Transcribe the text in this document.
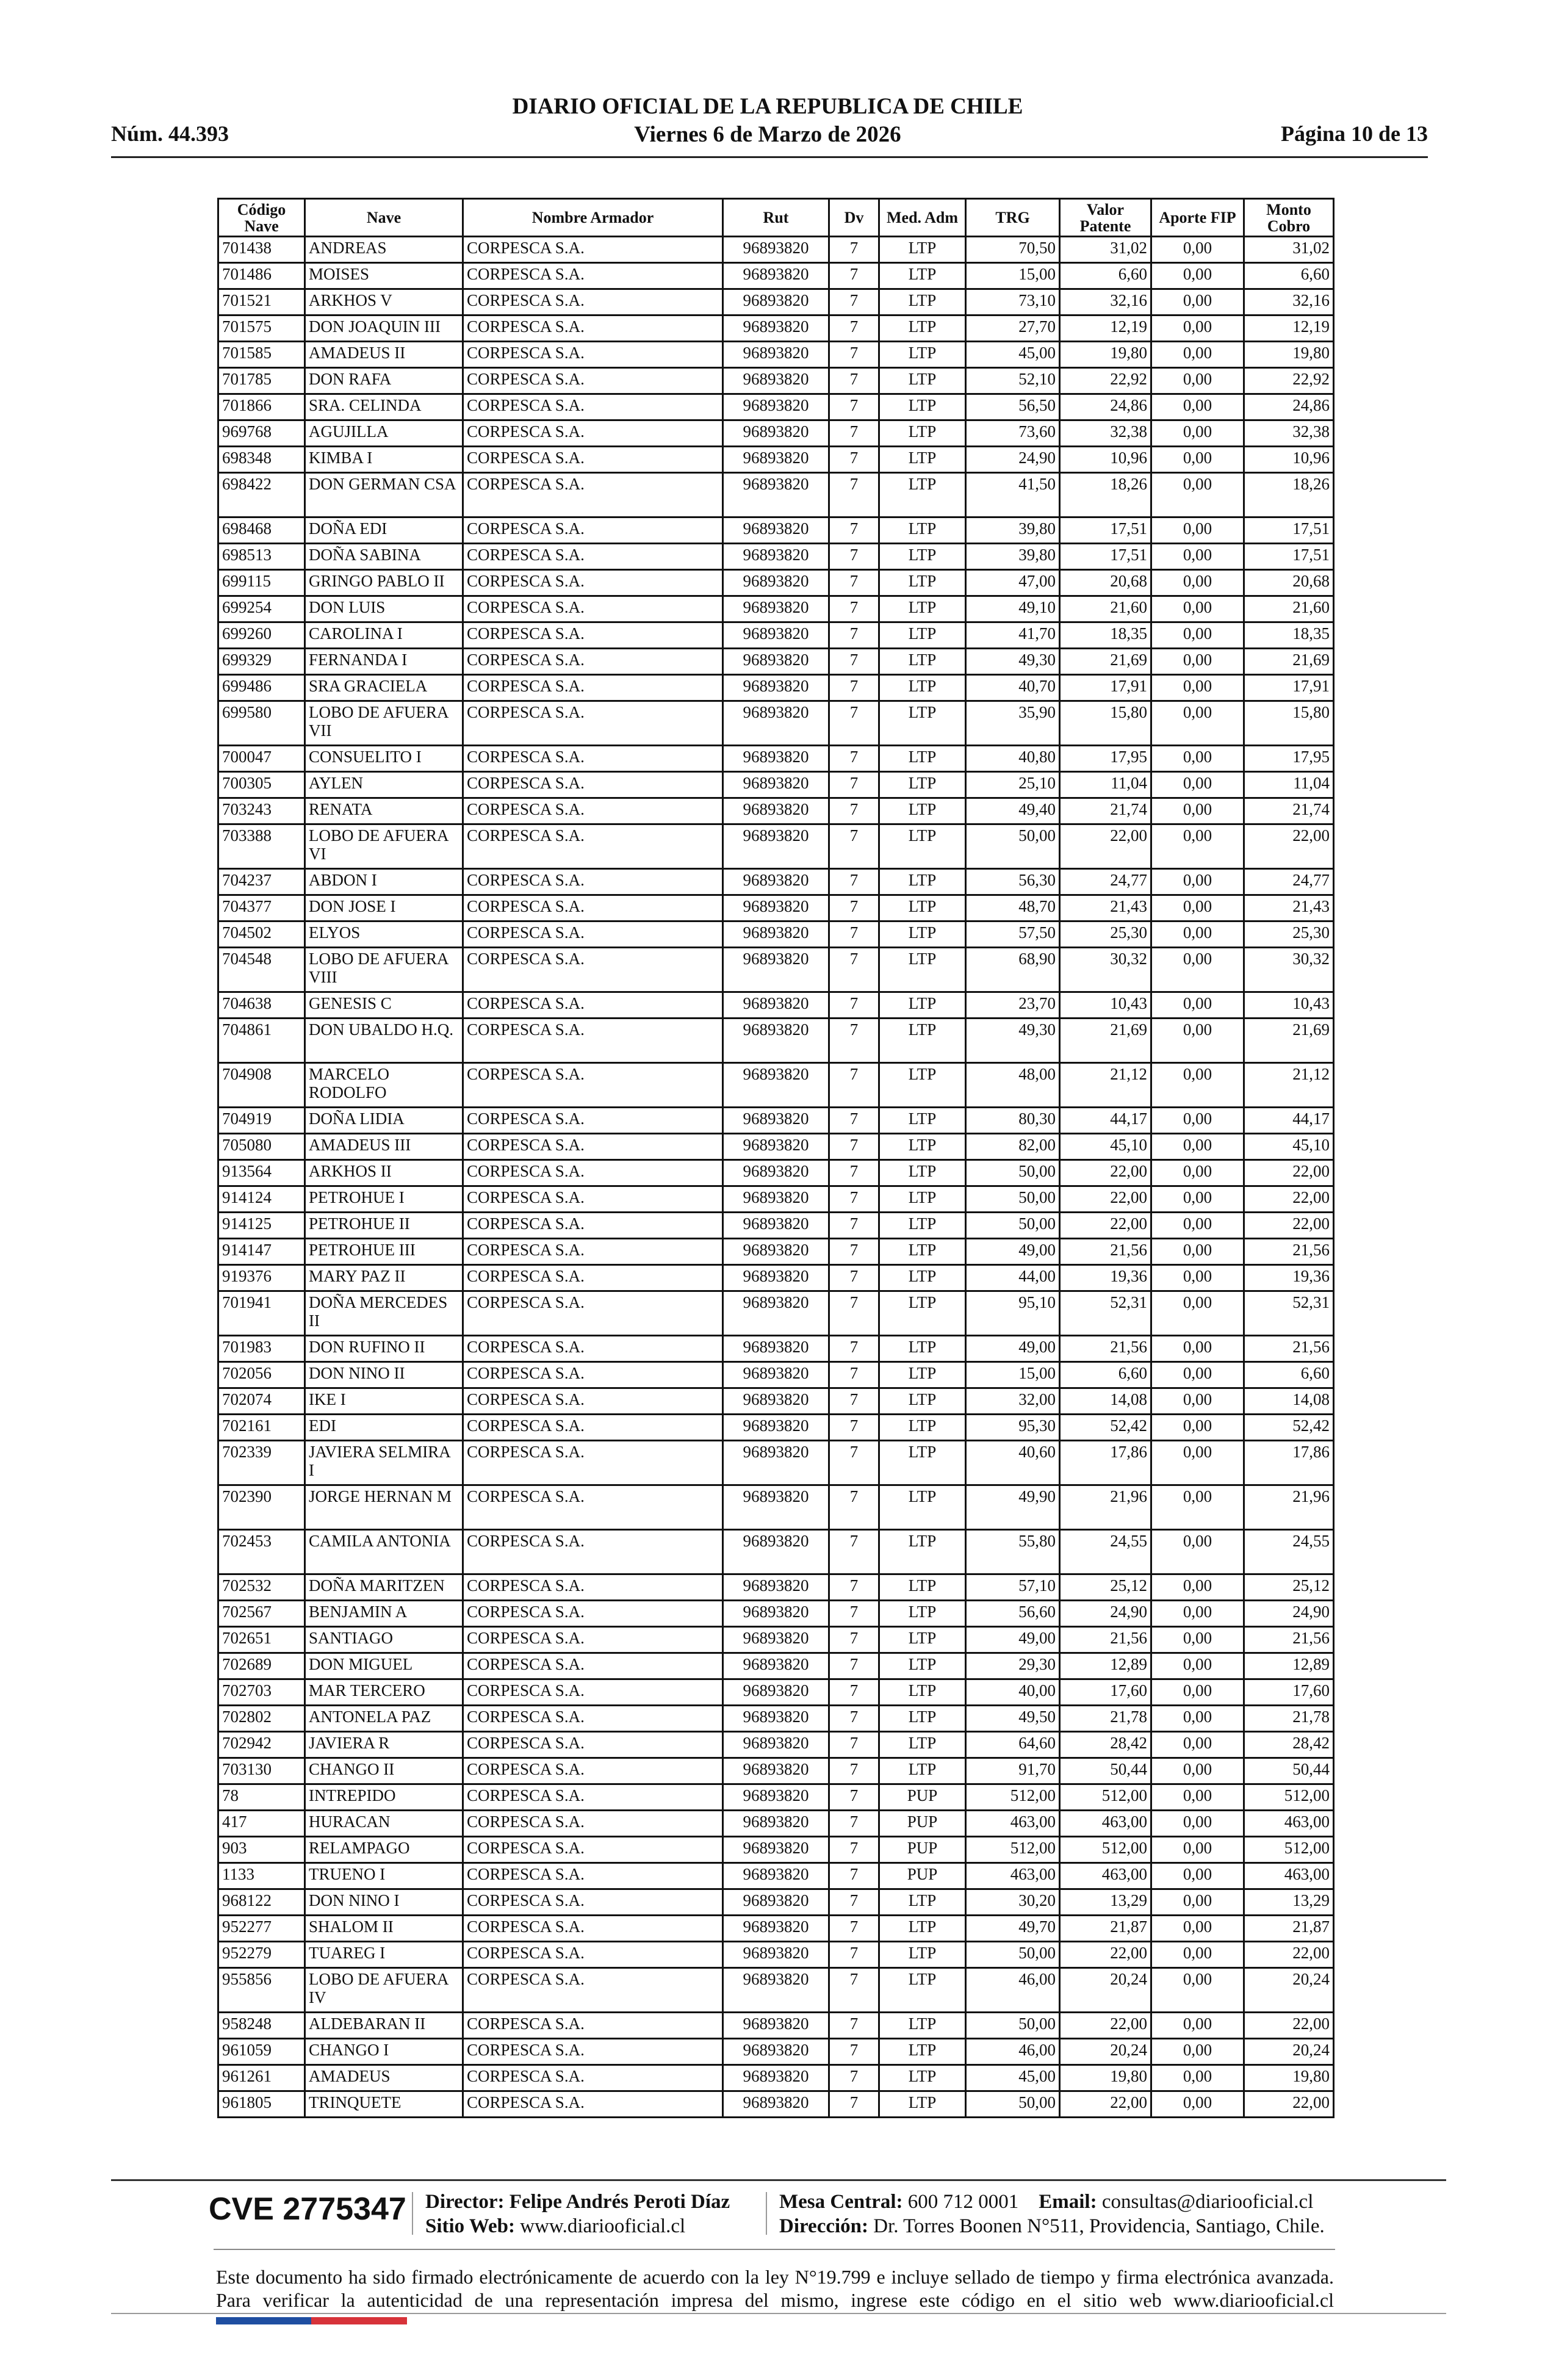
Núm. 44.393
DIARIO OFICIAL DE LA REPUBLICA DE CHILE
Viernes 6 de Marzo de 2026	Página 10 de 13
Código Nave	Nave	Nombre Armador	Rut	Dv	Med. Adm	TRG	Valor Patente	Aporte FIP	Monto Cobro
701438	ANDREAS	CORPESCA S.A.	96893820	7	LTP	70,50	31,02	0,00	31,02
701486	MOISES	CORPESCA S.A.	96893820	7	LTP	15,00	6,60	0,00	6,60
701521	ARKHOS V	CORPESCA S.A.	96893820	7	LTP	73,10	32,16	0,00	32,16
701575	DON JOAQUIN III	CORPESCA S.A.	96893820	7	LTP	27,70	12,19	0,00	12,19
701585	AMADEUS II	CORPESCA S.A.	96893820	7	LTP	45,00	19,80	0,00	19,80
701785	DON RAFA	CORPESCA S.A.	96893820	7	LTP	52,10	22,92	0,00	22,92
701866	SRA. CELINDA	CORPESCA S.A.	96893820	7	LTP	56,50	24,86	0,00	24,86
969768	AGUJILLA	CORPESCA S.A.	96893820	7	LTP	73,60	32,38	0,00	32,38
698348	KIMBA I	CORPESCA S.A.	96893820	7	LTP	24,90	10,96	0,00	10,96
698422	DON GERMAN CSA	CORPESCA S.A.	96893820	7	LTP	41,50	18,26	0,00	18,26
698468	DOÑA EDI	CORPESCA S.A.	96893820	7	LTP	39,80	17,51	0,00	17,51
698513	DOÑA SABINA	CORPESCA S.A.	96893820	7	LTP	39,80	17,51	0,00	17,51
699115	GRINGO PABLO II	CORPESCA S.A.	96893820	7	LTP	47,00	20,68	0,00	20,68
699254	DON LUIS	CORPESCA S.A.	96893820	7	LTP	49,10	21,60	0,00	21,60
699260	CAROLINA I	CORPESCA S.A.	96893820	7	LTP	41,70	18,35	0,00	18,35
699329	FERNANDA I	CORPESCA S.A.	96893820	7	LTP	49,30	21,69	0,00	21,69
699486	SRA GRACIELA	CORPESCA S.A.	96893820	7	LTP	40,70	17,91	0,00	17,91
699580	LOBO DE AFUERA VII	CORPESCA S.A.	96893820	7	LTP	35,90	15,80	0,00	15,80
700047	CONSUELITO I	CORPESCA S.A.	96893820	7	LTP	40,80	17,95	0,00	17,95
700305	AYLEN	CORPESCA S.A.	96893820	7	LTP	25,10	11,04	0,00	11,04
703243	RENATA	CORPESCA S.A.	96893820	7	LTP	49,40	21,74	0,00	21,74
703388	LOBO DE AFUERA VI	CORPESCA S.A.	96893820	7	LTP	50,00	22,00	0,00	22,00
704237	ABDON I	CORPESCA S.A.	96893820	7	LTP	56,30	24,77	0,00	24,77
704377	DON JOSE I	CORPESCA S.A.	96893820	7	LTP	48,70	21,43	0,00	21,43
704502	ELYOS	CORPESCA S.A.	96893820	7	LTP	57,50	25,30	0,00	25,30
704548	LOBO DE AFUERA VIII	CORPESCA S.A.	96893820	7	LTP	68,90	30,32	0,00	30,32
704638	GENESIS C	CORPESCA S.A.	96893820	7	LTP	23,70	10,43	0,00	10,43
704861	DON UBALDO H.Q.	CORPESCA S.A.	96893820	7	LTP	49,30	21,69	0,00	21,69
704908	MARCELO RODOLFO	CORPESCA S.A.	96893820	7	LTP	48,00	21,12	0,00	21,12
704919	DOÑA LIDIA	CORPESCA S.A.	96893820	7	LTP	80,30	44,17	0,00	44,17
705080	AMADEUS III	CORPESCA S.A.	96893820	7	LTP	82,00	45,10	0,00	45,10
913564	ARKHOS II	CORPESCA S.A.	96893820	7	LTP	50,00	22,00	0,00	22,00
914124	PETROHUE I	CORPESCA S.A.	96893820	7	LTP	50,00	22,00	0,00	22,00
914125	PETROHUE II	CORPESCA S.A.	96893820	7	LTP	50,00	22,00	0,00	22,00
914147	PETROHUE III	CORPESCA S.A.	96893820	7	LTP	49,00	21,56	0,00	21,56
919376	MARY PAZ II	CORPESCA S.A.	96893820	7	LTP	44,00	19,36	0,00	19,36
701941	DOÑA MERCEDES II	CORPESCA S.A.	96893820	7	LTP	95,10	52,31	0,00	52,31
701983	DON RUFINO II	CORPESCA S.A.	96893820	7	LTP	49,00	21,56	0,00	21,56
702056	DON NINO II	CORPESCA S.A.	96893820	7	LTP	15,00	6,60	0,00	6,60
702074	IKE I	CORPESCA S.A.	96893820	7	LTP	32,00	14,08	0,00	14,08
702161	EDI	CORPESCA S.A.	96893820	7	LTP	95,30	52,42	0,00	52,42
702339	JAVIERA SELMIRA I	CORPESCA S.A.	96893820	7	LTP	40,60	17,86	0,00	17,86
702390	JORGE HERNAN M	CORPESCA S.A.	96893820	7	LTP	49,90	21,96	0,00	21,96
702453	CAMILA ANTONIA	CORPESCA S.A.	96893820	7	LTP	55,80	24,55	0,00	24,55
702532	DOÑA MARITZEN	CORPESCA S.A.	96893820	7	LTP	57,10	25,12	0,00	25,12
702567	BENJAMIN A	CORPESCA S.A.	96893820	7	LTP	56,60	24,90	0,00	24,90
702651	SANTIAGO	CORPESCA S.A.	96893820	7	LTP	49,00	21,56	0,00	21,56
702689	DON MIGUEL	CORPESCA S.A.	96893820	7	LTP	29,30	12,89	0,00	12,89
702703	MAR TERCERO	CORPESCA S.A.	96893820	7	LTP	40,00	17,60	0,00	17,60
702802	ANTONELA PAZ	CORPESCA S.A.	96893820	7	LTP	49,50	21,78	0,00	21,78
702942	JAVIERA R	CORPESCA S.A.	96893820	7	LTP	64,60	28,42	0,00	28,42
703130	CHANGO II	CORPESCA S.A.	96893820	7	LTP	91,70	50,44	0,00	50,44
78	INTREPIDO	CORPESCA S.A.	96893820	7	PUP	512,00	512,00	0,00	512,00
417	HURACAN	CORPESCA S.A.	96893820	7	PUP	463,00	463,00	0,00	463,00
903	RELAMPAGO	CORPESCA S.A.	96893820	7	PUP	512,00	512,00	0,00	512,00
1133	TRUENO I	CORPESCA S.A.	96893820	7	PUP	463,00	463,00	0,00	463,00
968122	DON NINO I	CORPESCA S.A.	96893820	7	LTP	30,20	13,29	0,00	13,29
952277	SHALOM II	CORPESCA S.A.	96893820	7	LTP	49,70	21,87	0,00	21,87
952279	TUAREG I	CORPESCA S.A.	96893820	7	LTP	50,00	22,00	0,00	22,00
955856	LOBO DE AFUERA IV	CORPESCA S.A.	96893820	7	LTP	46,00	20,24	0,00	20,24
958248	ALDEBARAN II	CORPESCA S.A.	96893820	7	LTP	50,00	22,00	0,00	22,00
961059	CHANGO I	CORPESCA S.A.	96893820	7	LTP	46,00	20,24	0,00	20,24
961261	AMADEUS	CORPESCA S.A.	96893820	7	LTP	45,00	19,80	0,00	19,80
961805	TRINQUETE	CORPESCA S.A.	96893820	7	LTP	50,00	22,00	0,00	22,00
CVE 2775347 Director: Felipe Andrés Peroti Díaz
Sitio Web: www.diariooficial.cl
Mesa Central: 600 712 0001 Email: consultas@diariooficial.cl
Dirección: Dr. Torres Boonen N°511, Providencia, Santiago, Chile.
Este documento ha sido firmado electrónicamente de acuerdo con la ley N°19.799 e incluye sellado de tiempo y firma electrónica avanzada. Para verificar la autenticidad de una representación impresa del mismo, ingrese este código en el sitio web www.diariooficial.cl
